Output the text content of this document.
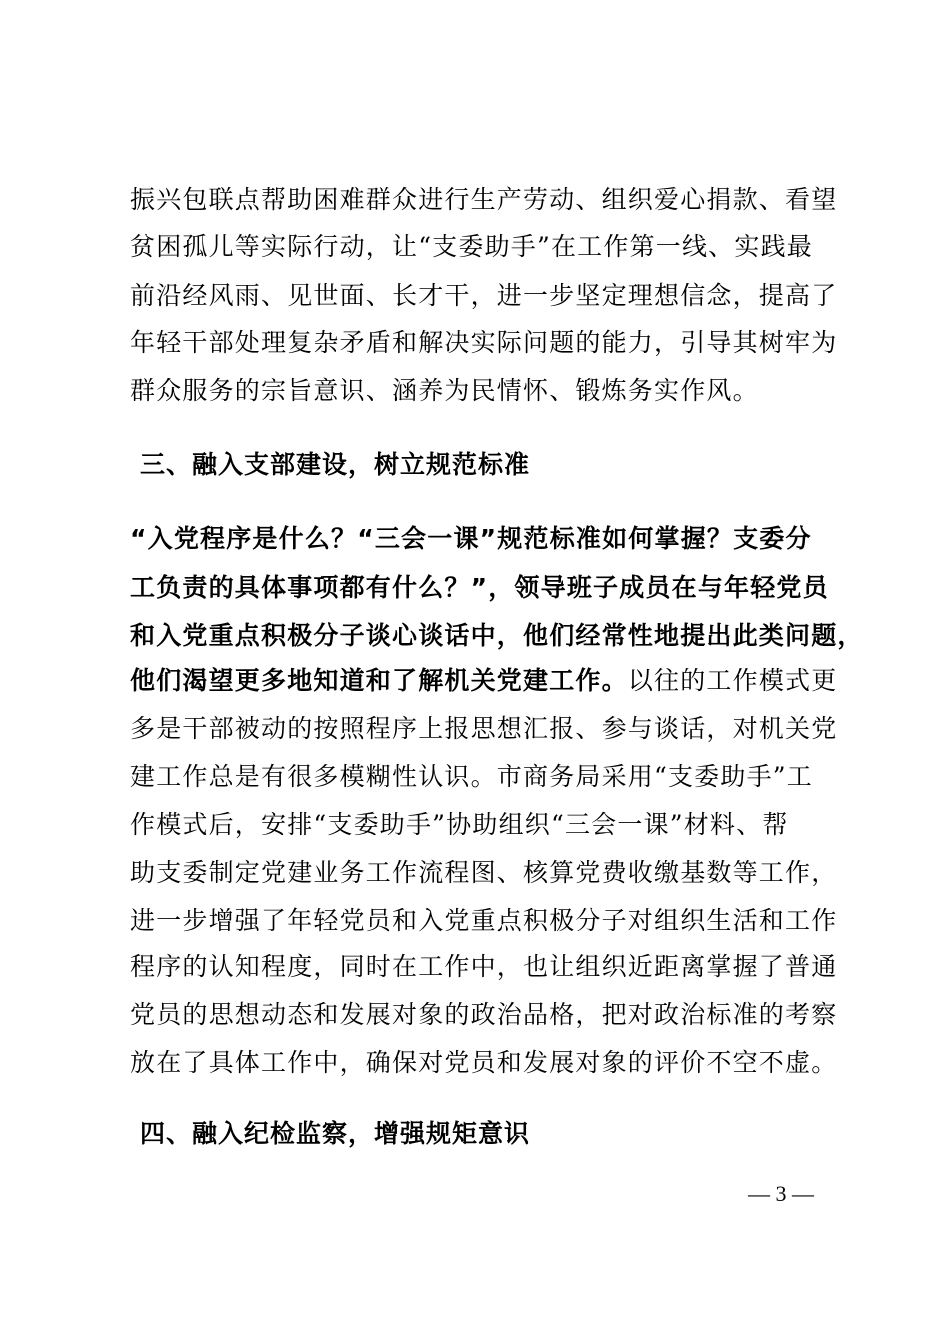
振兴包联点帮助困难群众进行生产劳动、组织爱心捐款、看望
贫困孤儿等实际行动，让“支委助手”在工作第一线、实践最
前沿经风雨、见世面、长才干，进一步坚定理想信念，提高了
年轻干部处理复杂矛盾和解决实际问题的能力，引导其树牢为
群众服务的宗旨意识、涵养为民情怀、锻炼务实作风。
三、融入支部建设，树立规范标准
“入党程序是什么？“三会一课”规范标准如何掌握？支委分
工负责的具体事项都有什么？”，领导班子成员在与年轻党员
和入党重点积极分子谈心谈话中，他们经常性地提出此类问题，
他们渴望更多地知道和了解机关党建工作。以往的工作模式更
多是干部被动的按照程序上报思想汇报、参与谈话，对机关党
建工作总是有很多模糊性认识。市商务局采用“支委助手”工
作模式后，安排“支委助手”协助组织“三会一课”材料、帮
助支委制定党建业务工作流程图、核算党费收缴基数等工作，
进一步增强了年轻党员和入党重点积极分子对组织生活和工作
程序的认知程度，同时在工作中，也让组织近距离掌握了普通
党员的思想动态和发展对象的政治品格，把对政治标准的考察
放在了具体工作中，确保对党员和发展对象的评价不空不虚。
四、融入纪检监察，增强规矩意识
— 3 —
